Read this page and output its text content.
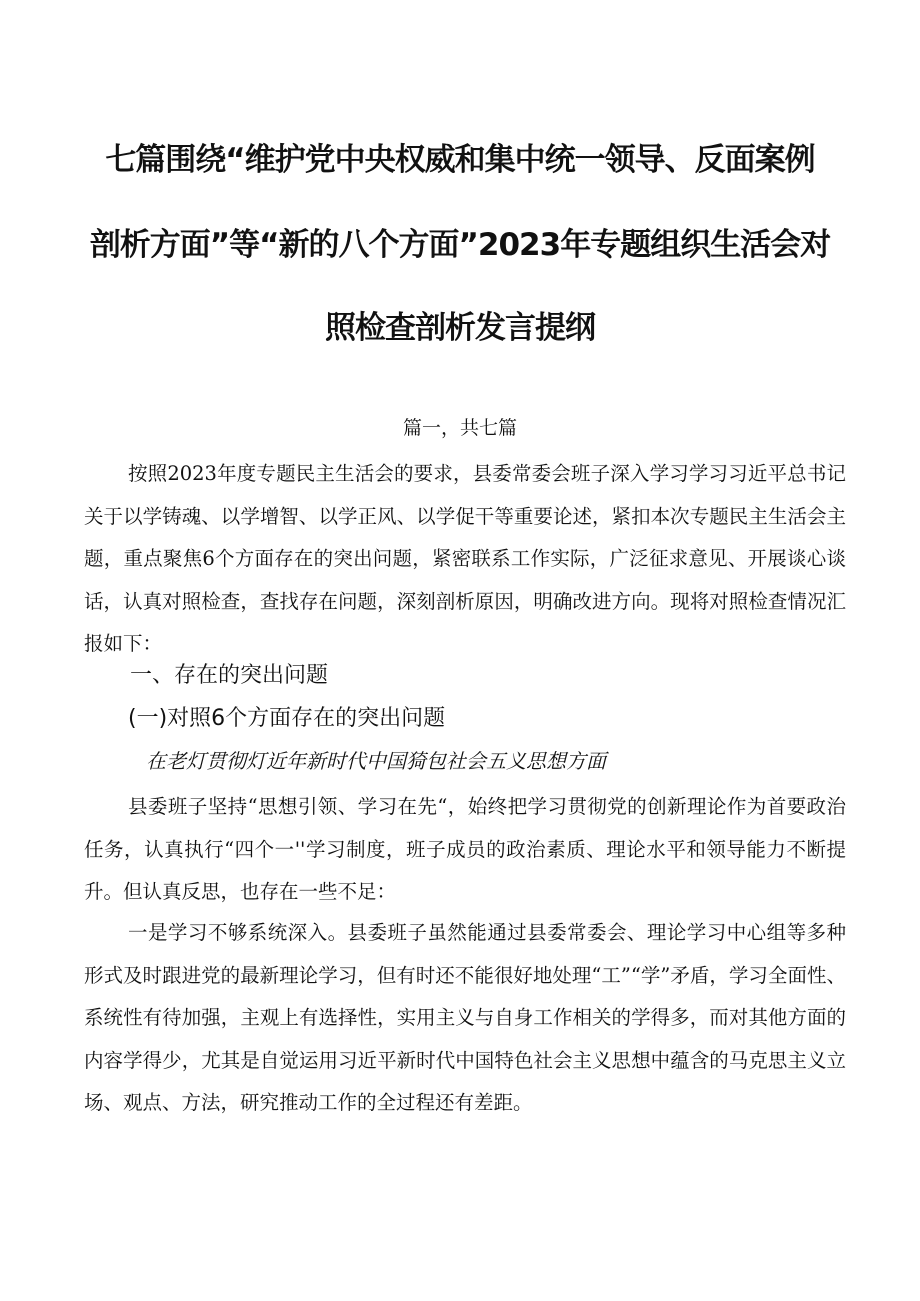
七篇围绕“维护党中央权威和集中统一领导、反面案例
剖析方面”等“新的八个方面”2023年专题组织生活会对
照检查剖析发言提纲
篇一，共七篇
按照2023年度专题民主生活会的要求，县委常委会班子深入学习学习习近平总书记关于以学铸魂、以学增智、以学正风、以学促干等重要论述，紧扣本次专题民主生活会主题，重点聚焦6个方面存在的突出问题，紧密联系工作实际，广泛征求意见、开展谈心谈话，认真对照检查，查找存在问题，深刻剖析原因，明确改进方向。现将对照检查情况汇报如下：
一、存在的突出问题
(一)对照6个方面存在的突出问题
在老灯贯彻灯近年新时代中国猗包社会五义思想方面
县委班子坚持“思想引领、学习在先“，始终把学习贯彻党的创新理论作为首要政治任务，认真执行“四个一''学习制度，班子成员的政治素质、理论水平和领导能力不断提升。但认真反思，也存在一些不足：
一是学习不够系统深入。县委班子虽然能通过县委常委会、理论学习中心组等多种形式及时跟进党的最新理论学习，但有时还不能很好地处理“工”“学”矛盾，学习全面性、系统性有待加强，主观上有选择性，实用主义与自身工作相关的学得多，而对其他方面的内容学得少，尤其是自觉运用习近平新时代中国特色社会主义思想中蕴含的马克思主义立场、观点、方法，研究推动工作的全过程还有差距。
